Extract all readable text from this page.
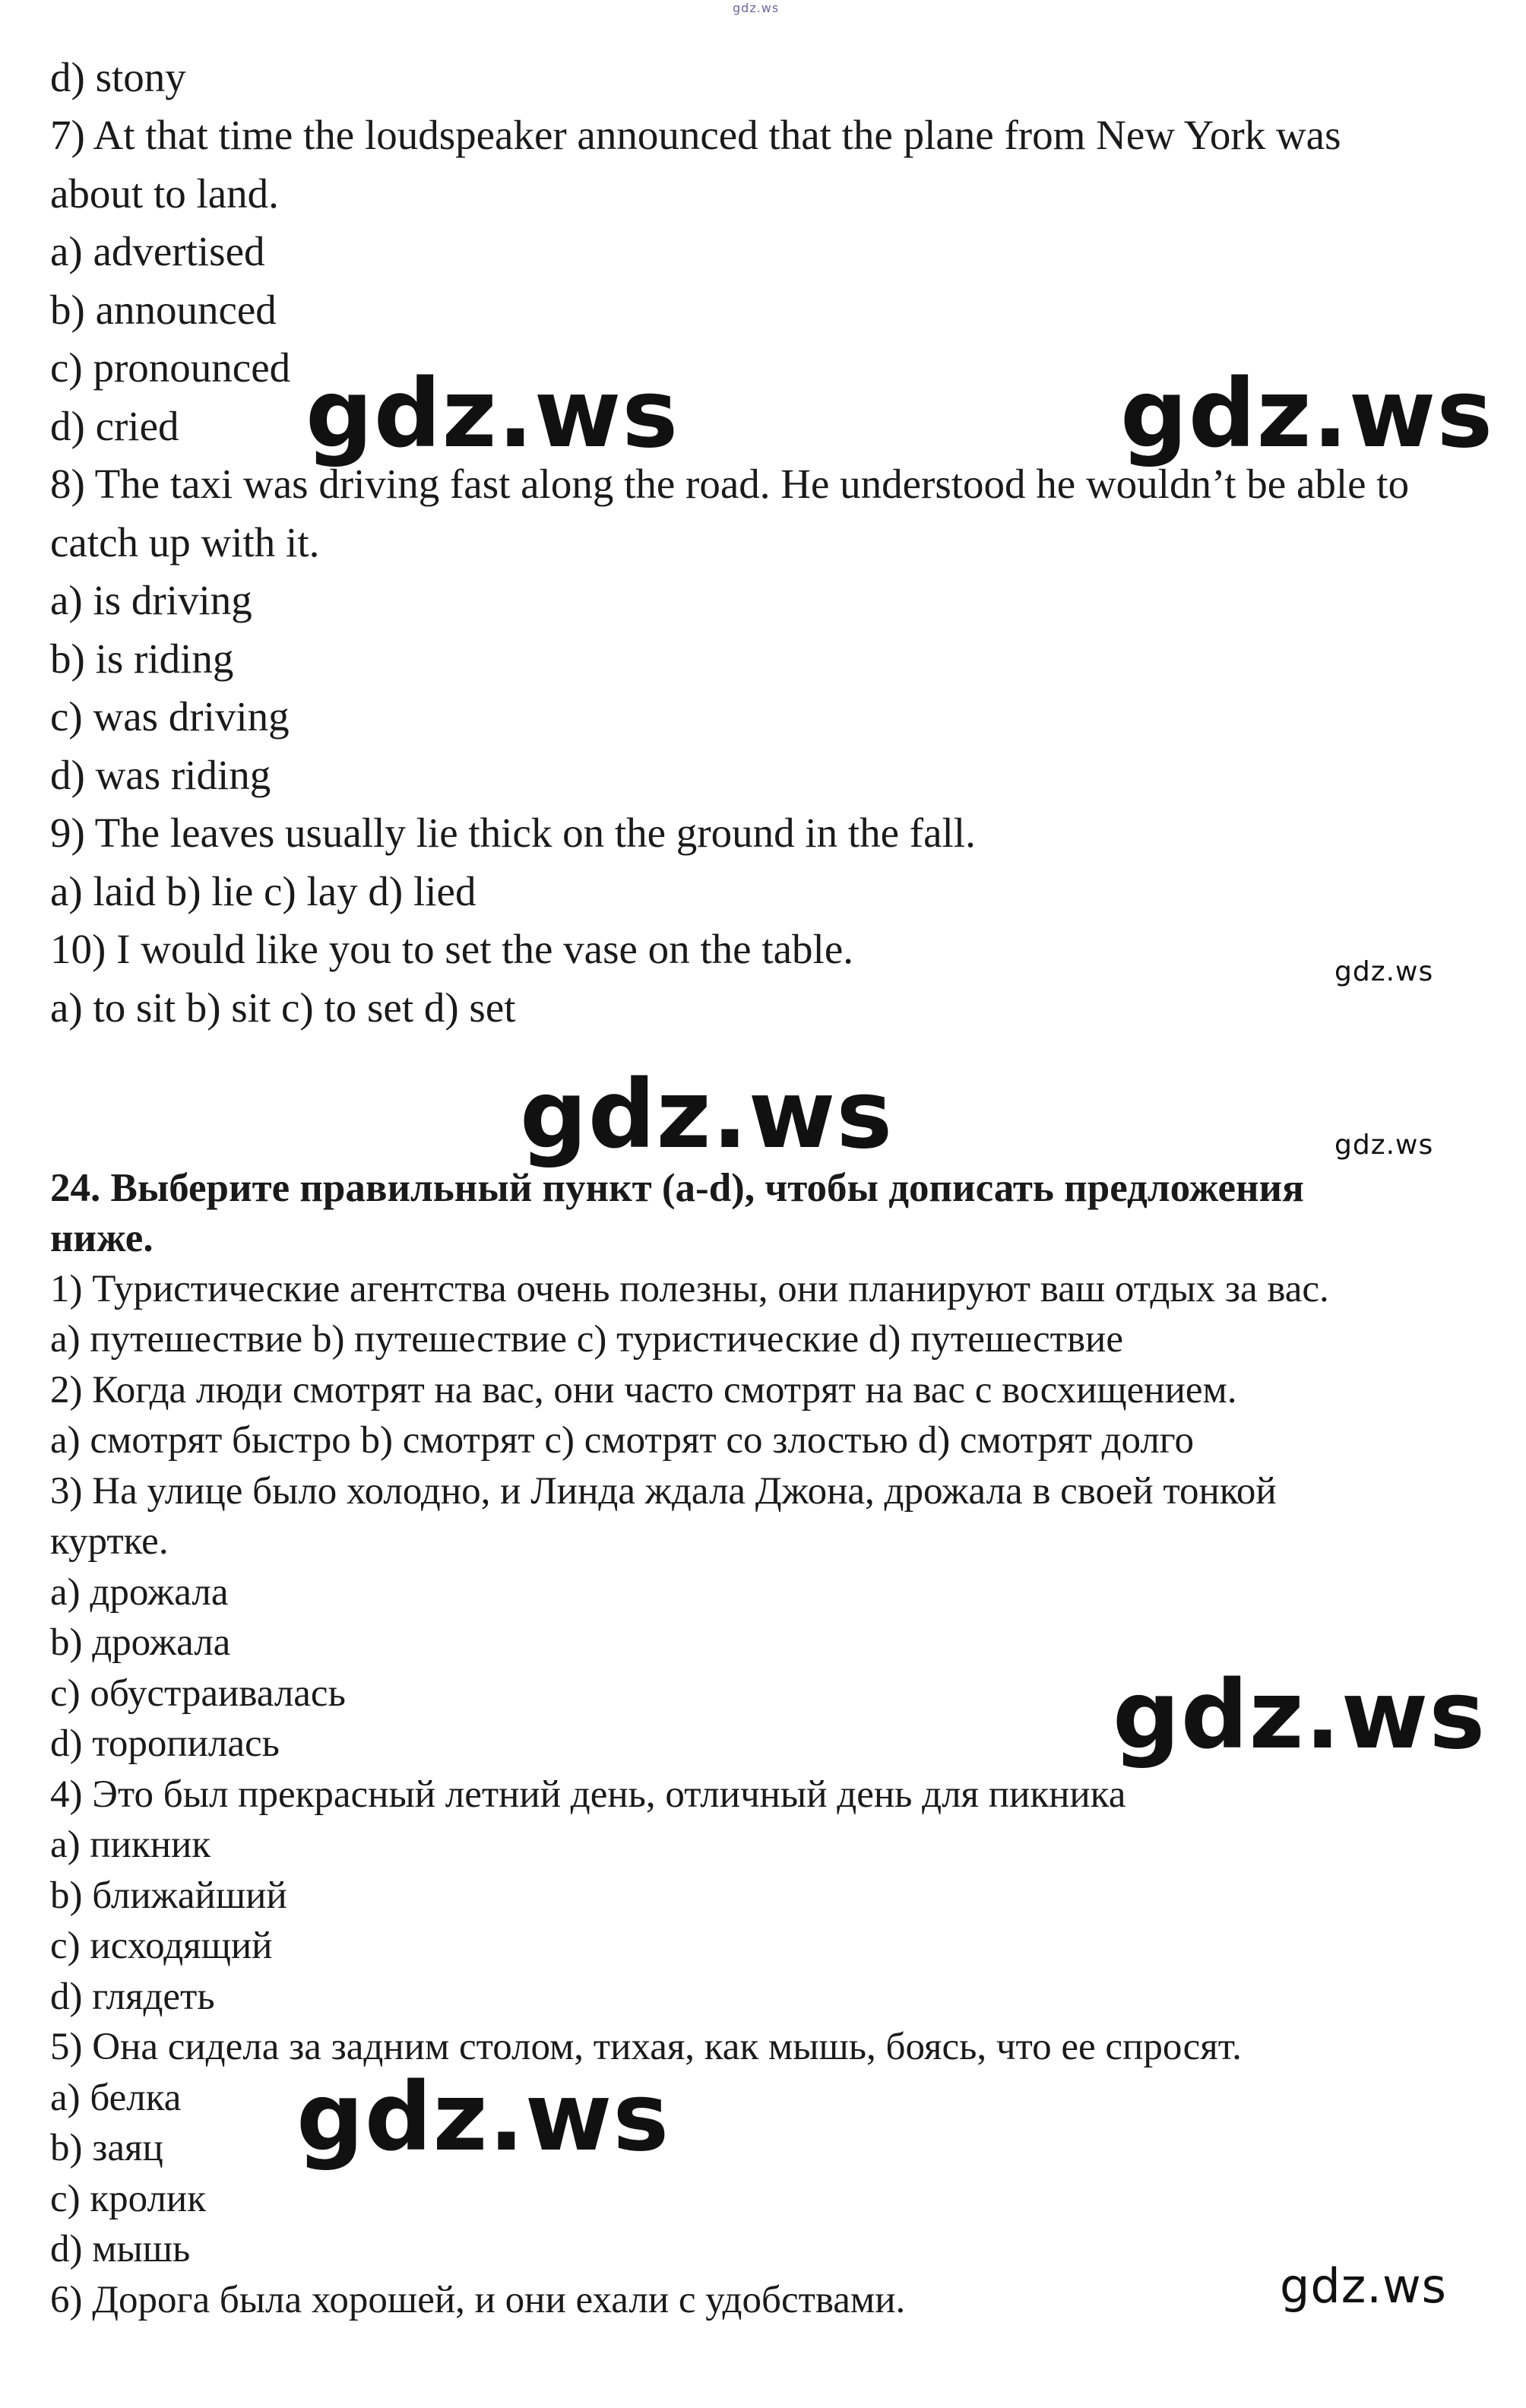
gdz.ws
d) stony
7) At that time the loudspeaker announced that the plane from New York was
about to land.
a) advertised
b) announced
c) pronounced
d) cried
8) The taxi was driving fast along the road. He understood he wouldn’t be able to
catch up with it.
a) is driving
b) is riding
c) was driving
d) was riding
9) The leaves usually lie thick on the ground in the fall.
a) laid b) lie c) lay d) lied
10) I would like you to set the vase on the table.
a) to sit b) sit c) to set d) set
24. Выберите правильный пункт (a-d), чтобы дописать предложения
ниже.
1) Туристические агентства очень полезны, они планируют ваш отдых за вас.
a) путешествие b) путешествие c) туристические d) путешествие
2) Когда люди смотрят на вас, они часто смотрят на вас с восхищением.
a) смотрят быстро b) смотрят c) смотрят со злостью d) смотрят долго
3) На улице было холодно, и Линда ждала Джона, дрожала в своей тонкой
куртке.
a) дрожала
b) дрожала
c) обустраивалась
d) торопилась
4) Это был прекрасный летний день, отличный день для пикника
a) пикник
b) ближайший
c) исходящий
d) глядеть
5) Она сидела за задним столом, тихая, как мышь, боясь, что ее спросят.
a) белка
b) заяц
c) кролик
d) мышь
6) Дорога была хорошей, и они ехали с удобствами.
gdz.ws	gdz.ws
gdz.ws
gdz.ws	gdz.ws
gdz.ws
gdz.ws
gdz.ws
